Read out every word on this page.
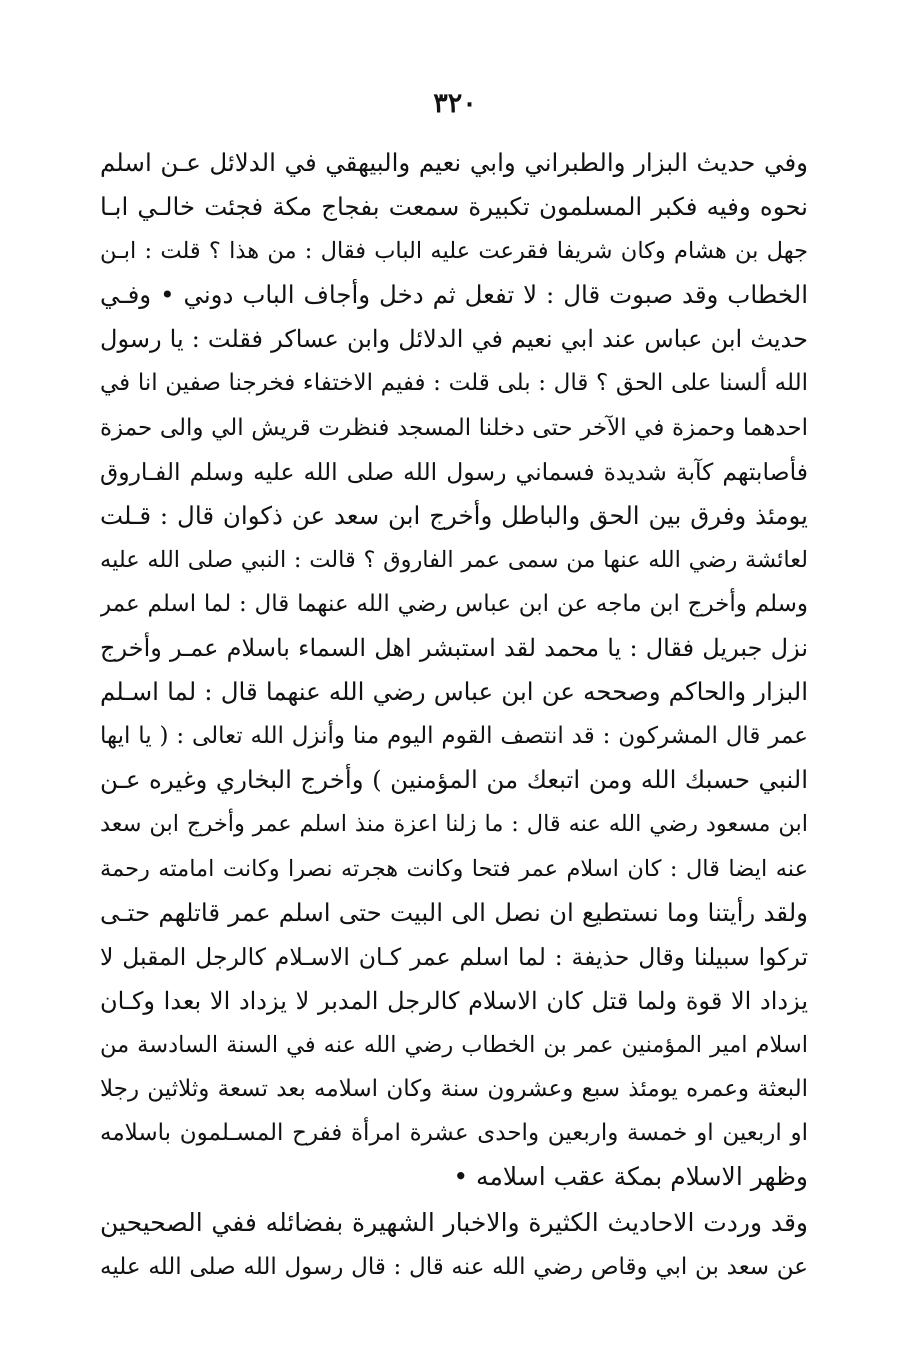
٣٢٠
وفي حديث البزار والطبراني وابي نعيم والبيهقي في الدلائل عـن اسلم
نحوه وفيه فكبر المسلمون تكبيرة سمعت بفجاج مكة فجئت خالـي ابـا
جهل بن هشام وكان شريفا فقرعت عليه الباب فقال : من هذا ؟ قلت : ابـن
الخطاب وقد صبوت قال : لا تفعل ثم دخل وأجاف الباب دوني • وفـي
حديث ابن عباس عند ابي نعيم في الدلائل وابن عساكر فقلت : يا رسول
الله ألسنا على الحق ؟ قال : بلى قلت : ففيم الاختفاء فخرجنا صفين انا في
احدهما وحمزة في الآخر حتى دخلنا المسجد فنظرت قريش الي والى حمزة
فأصابتهم كآبة شديدة فسماني رسول الله صلى الله عليه وسلم الفـاروق
يومئذ وفرق بين الحق والباطل وأخرج ابن سعد عن ذكوان قال : قـلت
لعائشة رضي الله عنها من سمى عمر الفاروق ؟ قالت : النبي صلى الله عليه
وسلم وأخرج ابن ماجه عن ابن عباس رضي الله عنهما قال : لما اسلم عمر
نزل جبريل فقال : يا محمد لقد استبشر اهل السماء باسلام عمـر وأخرج
البزار والحاكم وصححه عن ابن عباس رضي الله عنهما قال : لما اسـلم
عمر قال المشركون : قد انتصف القوم اليوم منا وأنزل الله تعالى : ( يا ايها
النبي حسبك الله ومن اتبعك من المؤمنين ) وأخرج البخاري وغيره عـن
ابن مسعود رضي الله عنه قال : ما زلنا اعزة منذ اسلم عمر وأخرج ابن سعد
عنه ايضا قال : كان اسلام عمر فتحا وكانت هجرته نصرا وكانت امامته رحمة
ولقد رأيتنا وما نستطيع ان نصل الى البيت حتى اسلم عمر قاتلهم حتـى
تركوا سبيلنا وقال حذيفة : لما اسلم عمر كـان الاسـلام كالرجل المقبل لا
يزداد الا قوة ولما قتل كان الاسلام كالرجل المدبر لا يزداد الا بعدا وكـان
اسلام امير المؤمنين عمر بن الخطاب رضي الله عنه في السنة السادسة من
البعثة وعمره يومئذ سبع وعشرون سنة وكان اسلامه بعد تسعة وثلاثين رجلا
او اربعين او خمسة واربعين واحدى عشرة امرأة ففرح المسـلمون باسلامه
وظهر الاسلام بمكة عقب اسلامه •
وقد وردت الاحاديث الكثيرة والاخبار الشهيرة بفضائله ففي الصحيحين
عن سعد بن ابي وقاص رضي الله عنه قال : قال رسول الله صلى الله عليه
